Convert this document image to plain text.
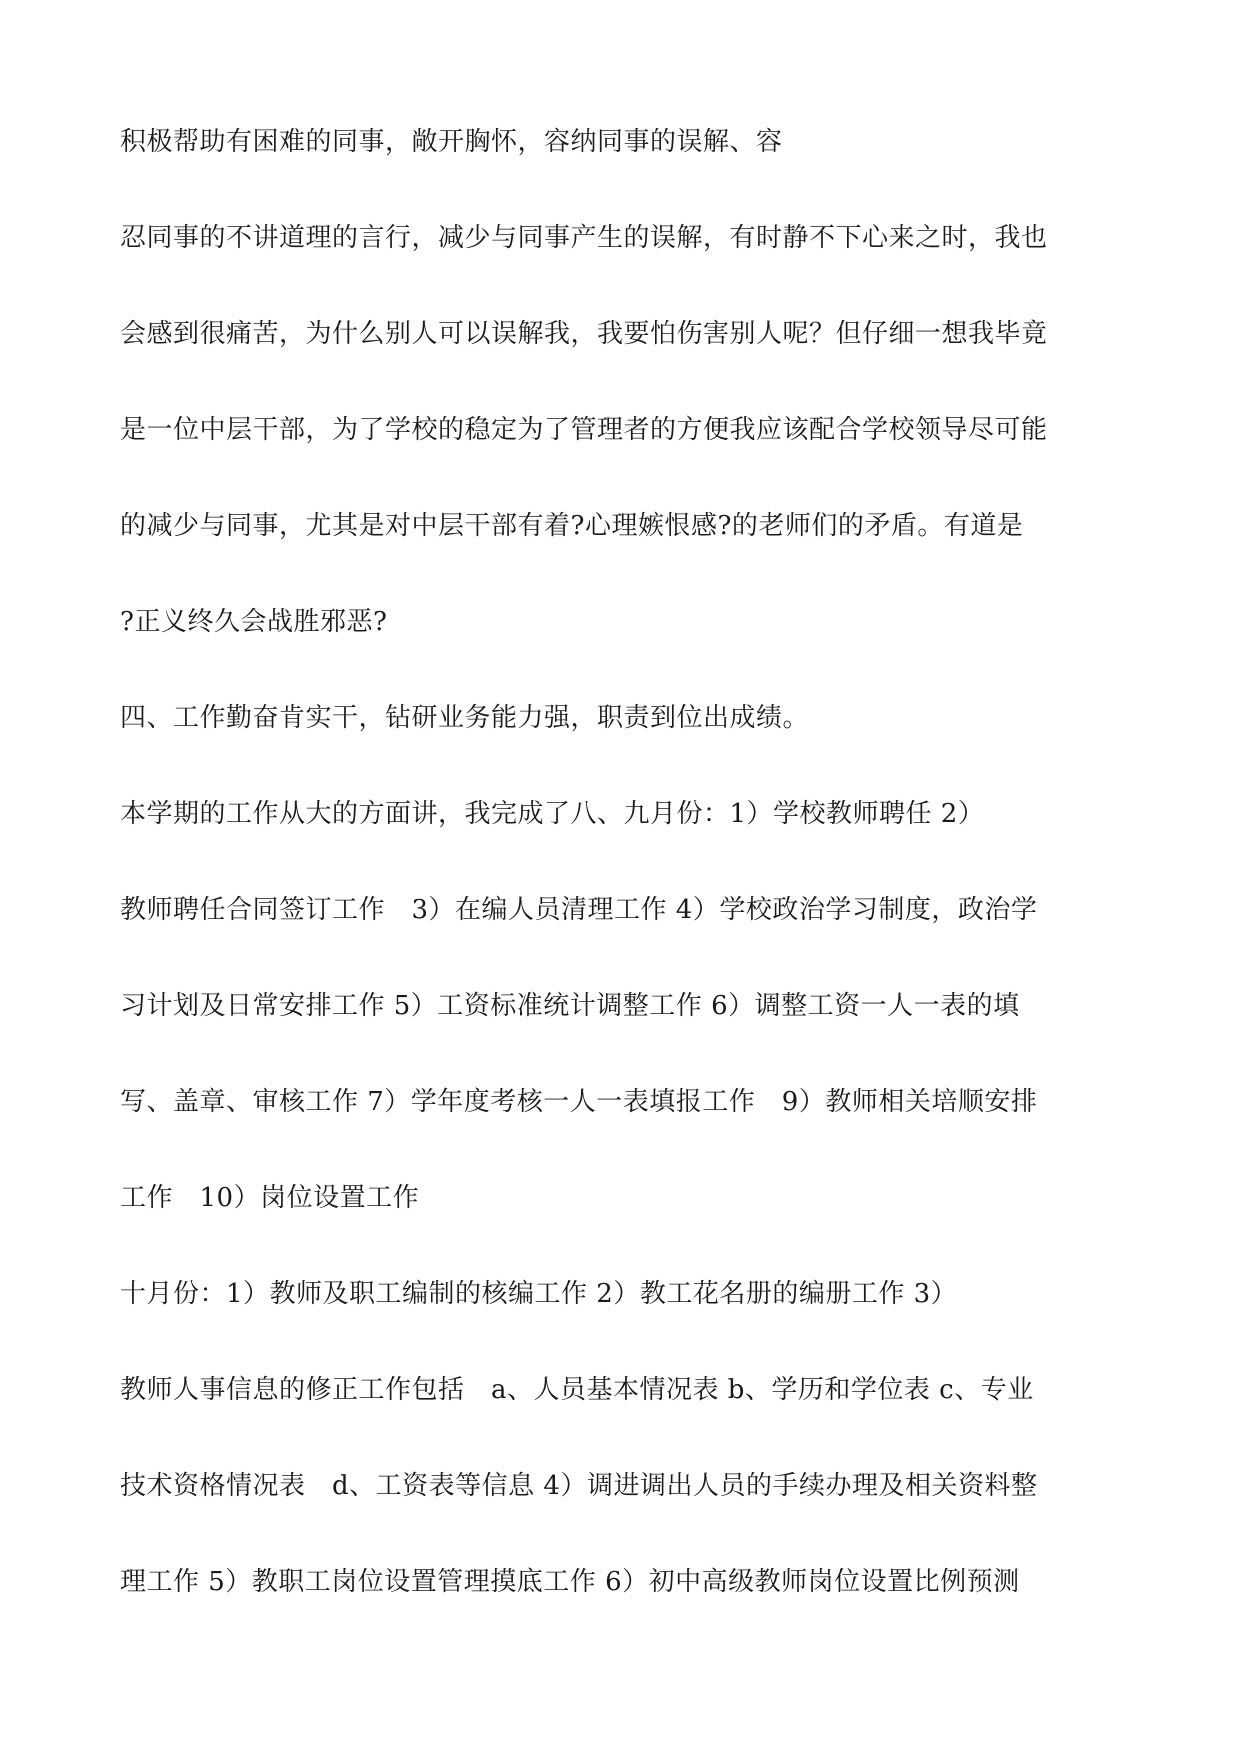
积极帮助有困难的同事，敞开胸怀，容纳同事的误解、容
忍同事的不讲道理的言行，减少与同事产生的误解，有时静不下心来之时，我也
会感到很痛苦，为什么别人可以误解我，我要怕伤害别人呢？但仔细一想我毕竟
是一位中层干部，为了学校的稳定为了管理者的方便我应该配合学校领导尽可能
的减少与同事，尤其是对中层干部有着?心理嫉恨感?的老师们的矛盾。有道是
?正义终久会战胜邪恶?
四、工作勤奋肯实干，钻研业务能力强，职责到位出成绩。
本学期的工作从大的方面讲，我完成了八、九月份：1）学校教师聘任 2）
教师聘任合同签订工作　3）在编人员清理工作 4）学校政治学习制度，政治学
习计划及日常安排工作 5）工资标准统计调整工作 6）调整工资一人一表的填
写、盖章、审核工作 7）学年度考核一人一表填报工作　9）教师相关培顺安排
工作　10）岗位设置工作
十月份：1）教师及职工编制的核编工作 2）教工花名册的编册工作 3）
教师人事信息的修正工作包括　a、人员基本情况表 b、学历和学位表 c、专业
技术资格情况表　d、工资表等信息 4）调进调出人员的手续办理及相关资料整
理工作 5）教职工岗位设置管理摸底工作 6）初中高级教师岗位设置比例预测
